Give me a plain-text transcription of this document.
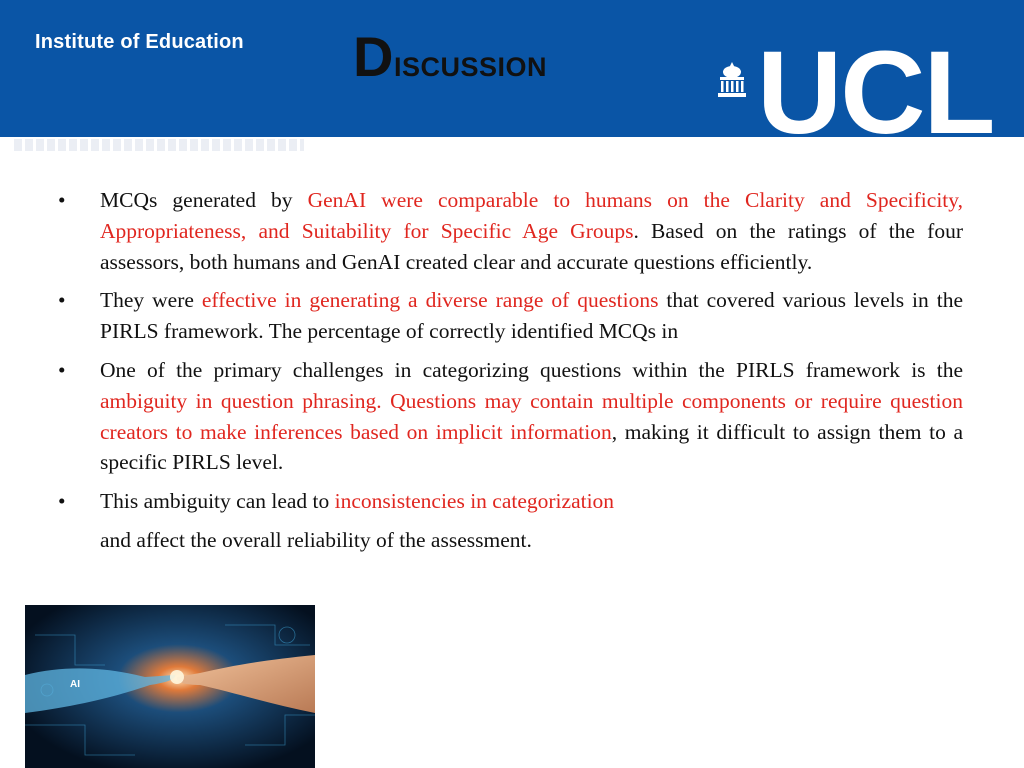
Institute of Education Discussion UCL
• MCQs generated by GenAI were comparable to humans on the Clarity and Specificity, Appropriateness, and Suitability for Specific Age Groups. Based on the ratings of the four assessors, both humans and GenAI created clear and accurate questions efficiently.
• They were effective in generating a diverse range of questions that covered various levels in the PIRLS framework. The percentage of correctly identified MCQs in
• One of the primary challenges in categorizing questions within the PIRLS framework is the ambiguity in question phrasing. Questions may contain multiple components or require question creators to make inferences based on implicit information, making it difficult to assign them to a specific PIRLS level.
• This ambiguity can lead to inconsistencies in categorization
and affect the overall reliability of the assessment.
AI
